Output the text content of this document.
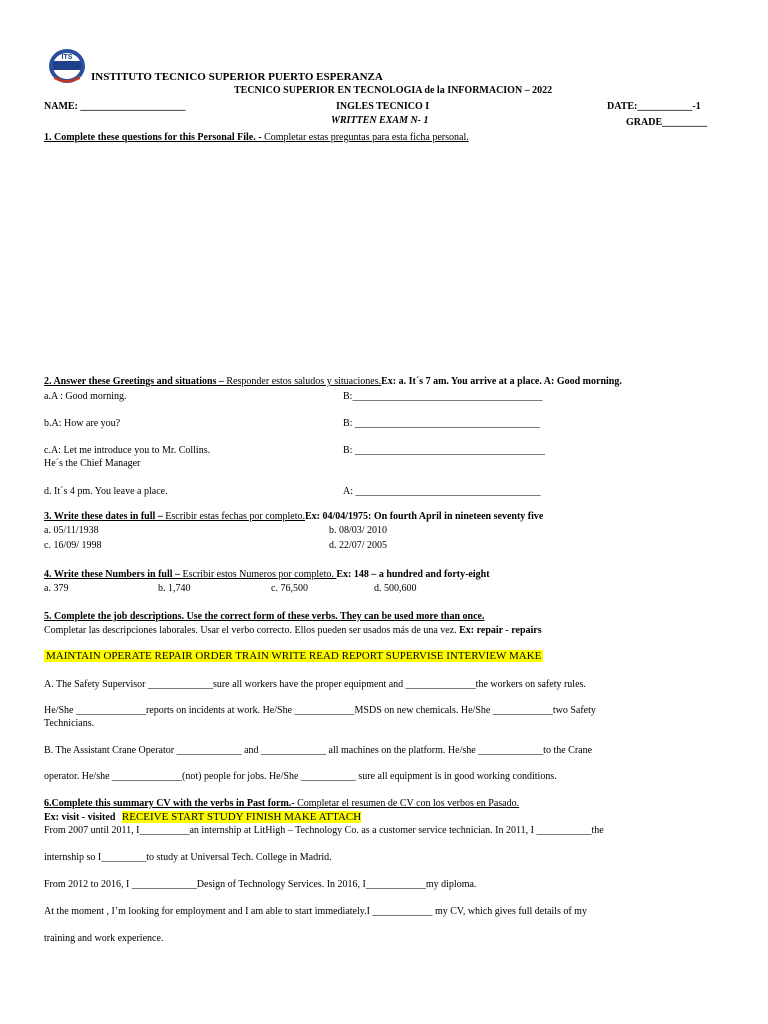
ITS
INSTITUTO TECNICO SUPERIOR PUERTO ESPERANZA
TECNICO SUPERIOR EN TECNOLOGIA de la INFORMACION – 2022
NAME: _____________________	INGLES TECNICO I	DATE:___________-1
WRITTEN EXAM N- 1	GRADE_________
1. Complete these questions for this Personal File. - Completar estas preguntas para esta ficha personal.
2. Answer these Greetings and situations – Responder estos saludos y situaciones.Ex: a. It´s 7 am. You arrive at a place. A: Good morning.
a.A : Good morning.	B:______________________________________
b.A: How are you?	B: _____________________________________
c.A: Let me introduce you to Mr. Collins.
He´s the Chief Manager
B: ______________________________________
d. It´s 4 pm. You leave a place.	A: _____________________________________
3. Write these dates in full – Escribir estas fechas por completo.Ex: 04/04/1975: On fourth April in nineteen seventy five
a. 05/11/1938	b. 08/03/ 2010
c. 16/09/ 1998	d. 22/07/ 2005
4. Write these Numbers in full – Escribir estos Numeros por completo. Ex: 148 – a hundred and forty-eight
a. 379	b. 1,740	c. 76,500	d. 500,600
5. Complete the job descriptions. Use the correct form of these verbs. They can be used more than once.
Completar las descripciones laborales. Usar el verbo correcto. Ellos pueden ser usados más de una vez. Ex: repair - repairs
MAINTAIN OPERATE REPAIR ORDER TRAIN WRITE READ REPORT SUPERVISE INTERVIEW MAKE
A. The Safety Supervisor _____________sure all workers have the proper equipment and ______________the workers on safety rules.
He/She ______________reports on incidents at work. He/She ____________MSDS on new chemicals. He/She ____________two Safety
Technicians.
B. The Assistant Crane Operator _____________ and _____________ all machines on the platform. He/she _____________to the Crane
operator. He/she ______________(not) people for jobs. He/She ___________ sure all equipment is in good working conditions.
6.Complete this summary CV with the verbs in Past form.- Completar el resumen de CV con los verbos en Pasado.
Ex: visit - visited RECEIVE START STUDY FINISH MAKE ATTACH
From 2007 until 2011, I__________an internship at LitHigh – Technology Co. as a customer service technician. In 2011, I ___________the
internship so I_________to study at Universal Tech. College in Madrid.
From 2012 to 2016, I _____________Design of Technology Services. In 2016, I____________my diploma.
At the moment , I’m looking for employment and I am able to start immediately.I ____________ my CV, which gives full details of my
training and work experience.
